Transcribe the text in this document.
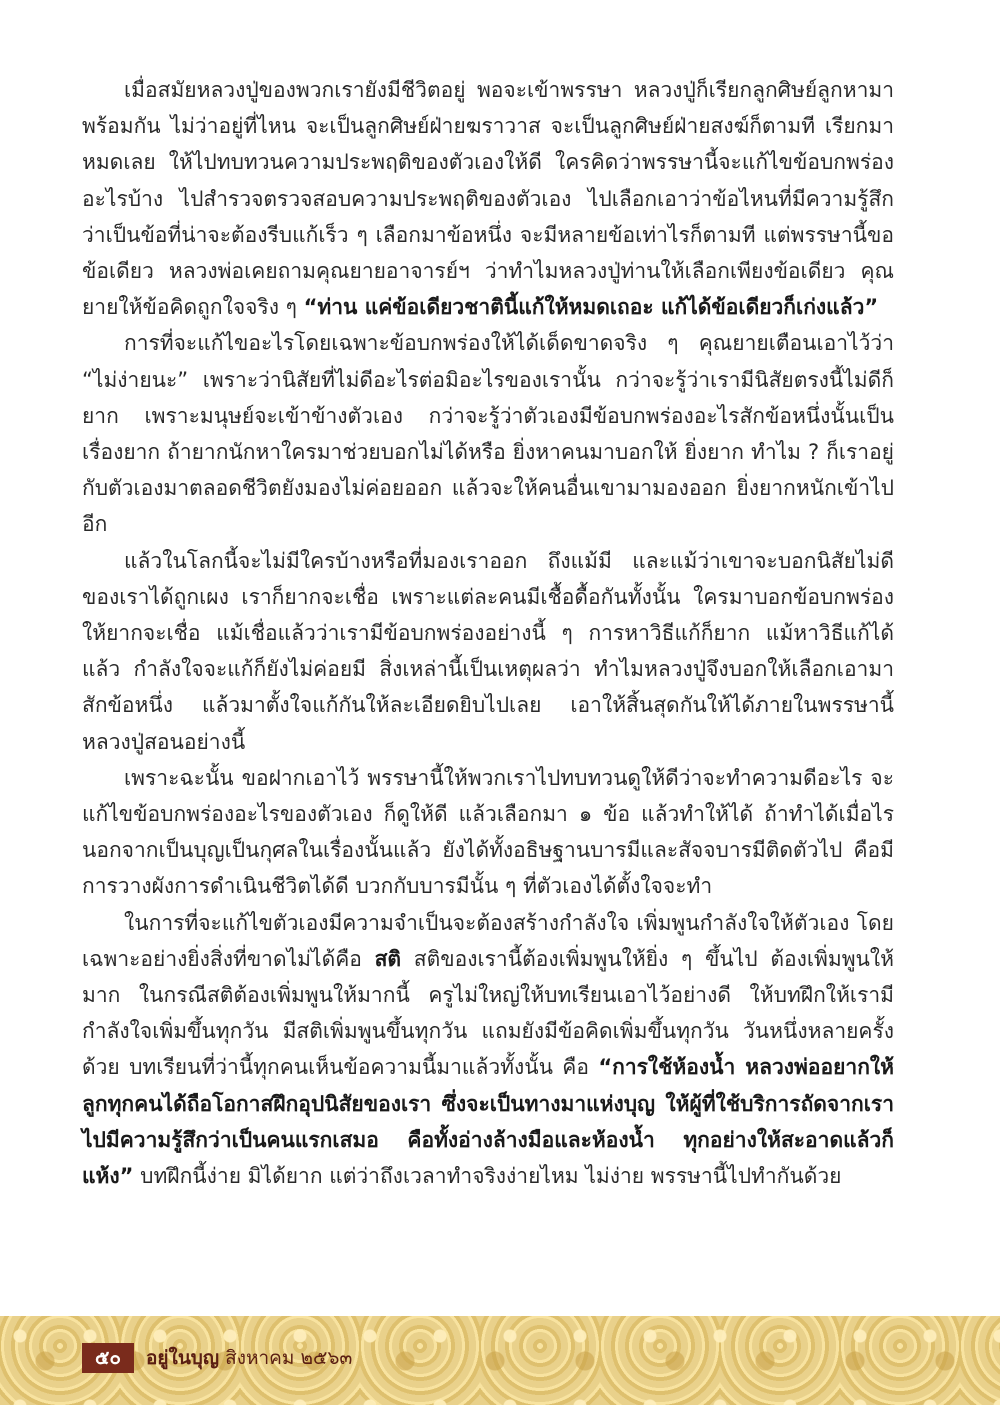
เมื่อสมัยหลวงปู่ของพวกเรายังมีชีวิตอยู่ พอจะเข้าพรรษา หลวงปู่ก็เรียกลูกศิษย์ลูกหามาพร้อมกัน ไม่ว่าอยู่ที่ไหน จะเป็นลูกศิษย์ฝ่ายฆราวาส จะเป็นลูกศิษย์ฝ่ายสงฆ์ก็ตามที เรียกมาหมดเลย ให้ไปทบทวนความประพฤติของตัวเองให้ดี ใครคิดว่าพรรษานี้จะแก้ไขข้อบกพร่องอะไรบ้าง ไปสำรวจตรวจสอบความประพฤติของตัวเอง ไปเลือกเอาว่าข้อไหนที่มีความรู้สึกว่าเป็นข้อที่น่าจะต้องรีบแก้เร็ว ๆ เลือกมาข้อหนึ่ง จะมีหลายข้อเท่าไรก็ตามที แต่พรรษานี้ขอข้อเดียว หลวงพ่อเคยถามคุณยายอาจารย์ฯ ว่าทำไมหลวงปู่ท่านให้เลือกเพียงข้อเดียว คุณยายให้ข้อคิดถูกใจจริง ๆ “ท่าน แค่ข้อเดียวชาตินี้แก้ให้หมดเถอะ แก้ได้ข้อเดียวก็เก่งแล้ว”

การที่จะแก้ไขอะไรโดยเฉพาะข้อบกพร่องให้ได้เด็ดขาดจริง ๆ คุณยายเตือนเอาไว้ว่า “ไม่ง่ายนะ” เพราะว่านิสัยที่ไม่ดีอะไรต่อมิอะไรของเรานั้น กว่าจะรู้ว่าเรามีนิสัยตรงนี้ไม่ดีก็ยาก เพราะมนุษย์จะเข้าข้างตัวเอง กว่าจะรู้ว่าตัวเองมีข้อบกพร่องอะไรสักข้อหนึ่งนั้นเป็นเรื่องยาก ถ้ายากนักหาใครมาช่วยบอกไม่ได้หรือ ยิ่งหาคนมาบอกให้ ยิ่งยาก ทำไม ? ก็เราอยู่กับตัวเองมาตลอดชีวิตยังมองไม่ค่อยออก แล้วจะให้คนอื่นเขามามองออก ยิ่งยากหนักเข้าไปอีก

แล้วในโลกนี้จะไม่มีใครบ้างหรือที่มองเราออก ถึงแม้มี และแม้ว่าเขาจะบอกนิสัยไม่ดีของเราได้ถูกเผง เราก็ยากจะเชื่อ เพราะแต่ละคนมีเชื้อดื้อกันทั้งนั้น ใครมาบอกข้อบกพร่องให้ยากจะเชื่อ แม้เชื่อแล้วว่าเรามีข้อบกพร่องอย่างนี้ ๆ การหาวิธีแก้ก็ยาก แม้หาวิธีแก้ได้แล้ว กำลังใจจะแก้ก็ยังไม่ค่อยมี สิ่งเหล่านี้เป็นเหตุผลว่า ทำไมหลวงปู่จึงบอกให้เลือกเอามาสักข้อหนึ่ง แล้วมาตั้งใจแก้กันให้ละเอียดยิบไปเลย เอาให้สิ้นสุดกันให้ได้ภายในพรรษานี้ หลวงปู่สอนอย่างนี้

เพราะฉะนั้น ขอฝากเอาไว้ พรรษานี้ให้พวกเราไปทบทวนดูให้ดีว่าจะทำความดีอะไร จะแก้ไขข้อบกพร่องอะไรของตัวเอง ก็ดูให้ดี แล้วเลือกมา ๑ ข้อ แล้วทำให้ได้ ถ้าทำได้เมื่อไรนอกจากเป็นบุญเป็นกุศลในเรื่องนั้นแล้ว ยังได้ทั้งอธิษฐานบารมีและสัจจบารมีติดตัวไป คือมีการวางผังการดำเนินชีวิตได้ดี บวกกับบารมีนั้น ๆ ที่ตัวเองได้ตั้งใจจะทำ

ในการที่จะแก้ไขตัวเองมีความจำเป็นจะต้องสร้างกำลังใจ เพิ่มพูนกำลังใจให้ตัวเอง โดยเฉพาะอย่างยิ่งสิ่งที่ขาดไม่ได้คือ สติ สติของเรานี้ต้องเพิ่มพูนให้ยิ่ง ๆ ขึ้นไป ต้องเพิ่มพูนให้มาก ในกรณีสติต้องเพิ่มพูนให้มากนี้ ครูไม่ใหญ่ให้บทเรียนเอาไว้อย่างดี ให้บทฝึกให้เรามีกำลังใจเพิ่มขึ้นทุกวัน มีสติเพิ่มพูนขึ้นทุกวัน แถมยังมีข้อคิดเพิ่มขึ้นทุกวัน วันหนึ่งหลายครั้งด้วย บทเรียนที่ว่านี้ทุกคนเห็นข้อความนี้มาแล้วทั้งนั้น คือ “การใช้ห้องน้ำ หลวงพ่ออยากให้ลูกทุกคนได้ถือโอกาสฝึกอุปนิสัยของเรา ซึ่งจะเป็นทางมาแห่งบุญ ให้ผู้ที่ใช้บริการถัดจากเราไปมีความรู้สึกว่าเป็นคนแรกเสมอ คือทั้งอ่างล้างมือและห้องน้ำ ทุกอย่างให้สะอาดแล้วก็แห้ง” บทฝึกนี้ง่าย มิได้ยาก แต่ว่าถึงเวลาทำจริงง่ายไหม ไม่ง่าย พรรษานี้ไปทำกันด้วย

๕๐	อยู่ในบุญ สิงหาคม ๒๕๖๓
